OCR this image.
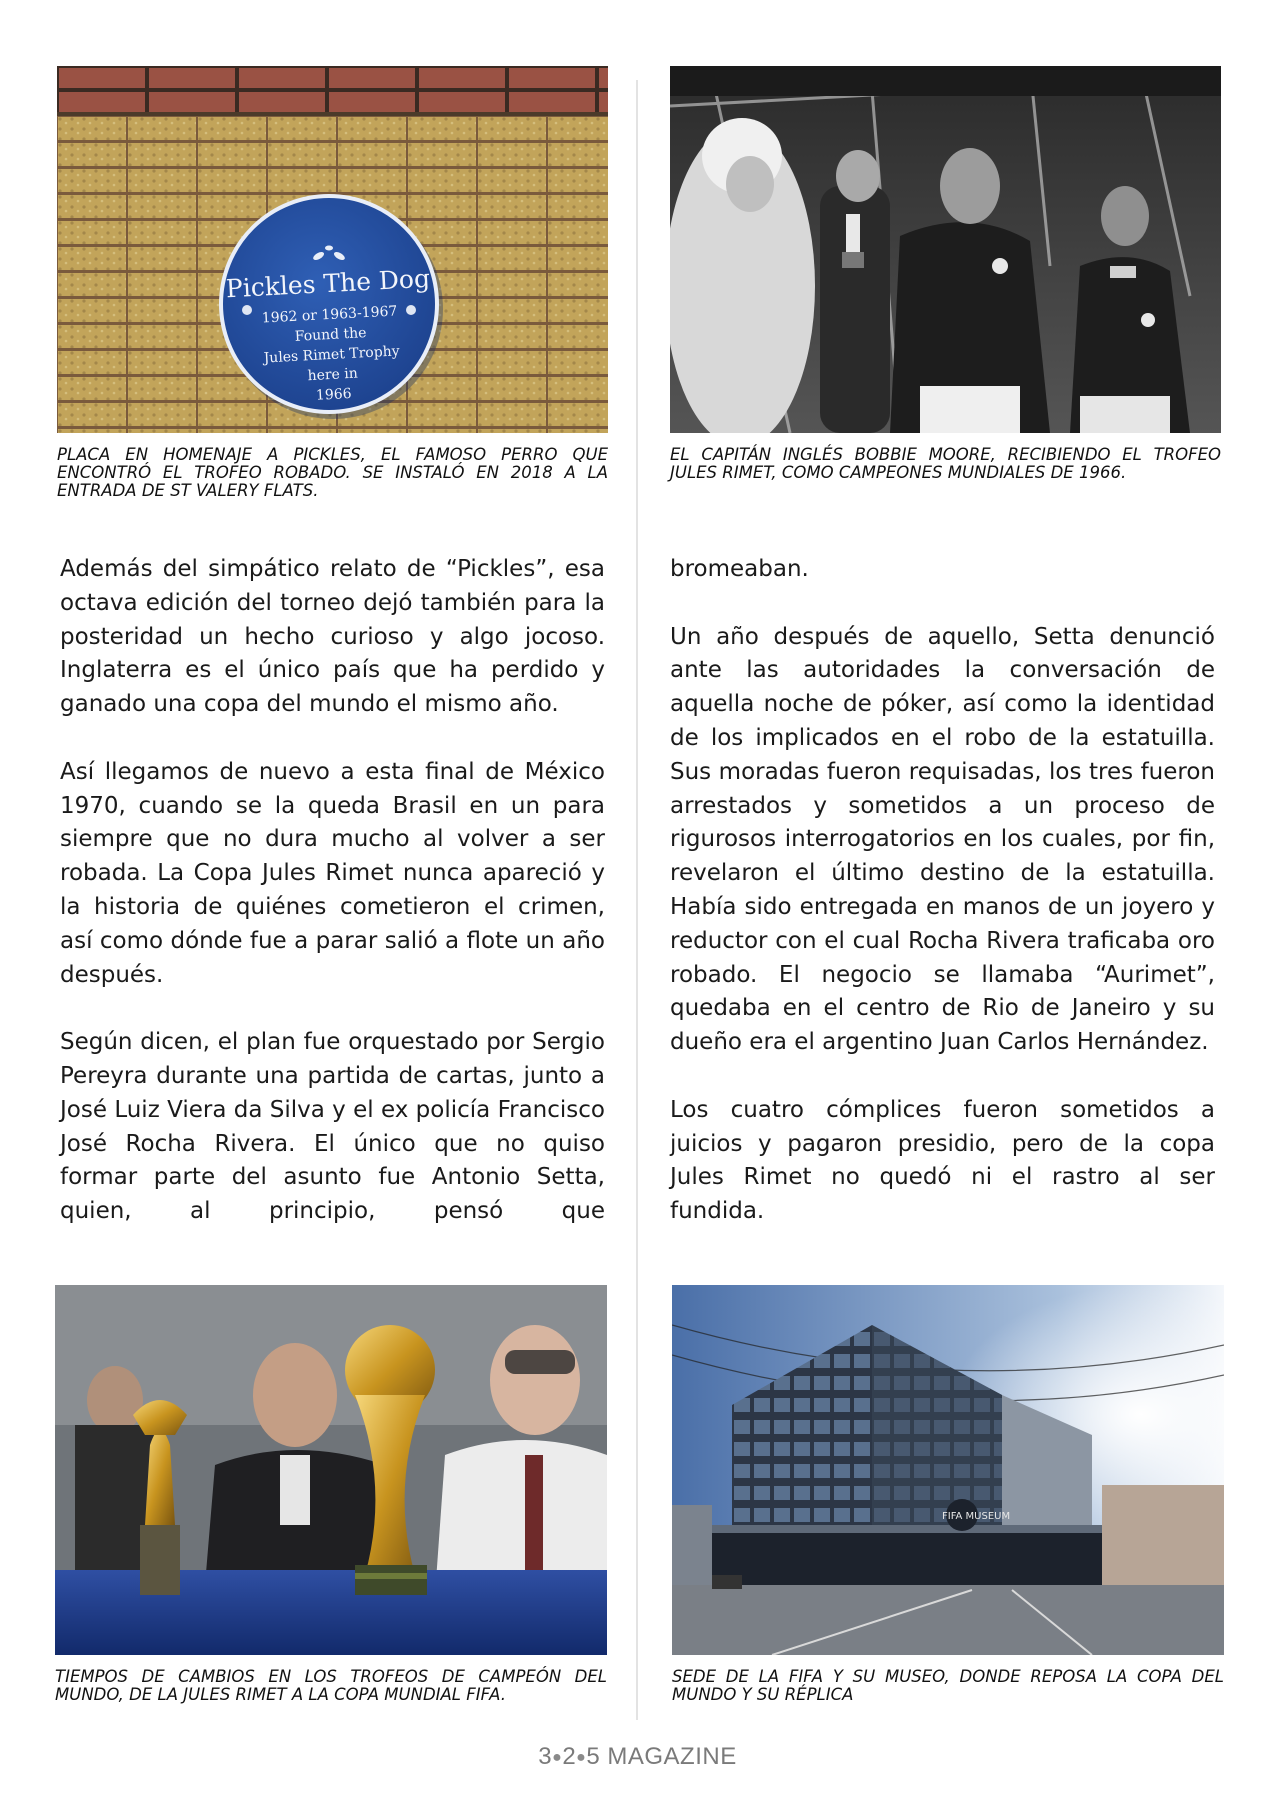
Pickles The Dog
1962 or 1963-1967
Found the
Jules Rimet Trophy
here in
1966

PLACA EN HOMENAJE A PICKLES, EL FAMOSO PERRO QUE ENCONTRÓ EL TROFEO ROBADO. SE INSTALÓ EN 2018 A LA ENTRADA DE ST VALERY FLATS.

EL CAPITÁN INGLÉS BOBBIE MOORE, RECIBIENDO EL TROFEO JULES RIMET, COMO CAMPEONES MUNDIALES DE 1966.

Además del simpático relato de “Pickles”, esa octava edición del torneo dejó también para la posteridad un hecho curioso y algo jocoso. Inglaterra es el único país que ha perdido y ganado una copa del mundo el mismo año.

Así llegamos de nuevo a esta final de México 1970, cuando se la queda Brasil en un para siempre que no dura mucho al volver a ser robada. La Copa Jules Rimet nunca apareció y la historia de quiénes cometieron el crimen, así como dónde fue a parar salió a flote un año después.

Según dicen, el plan fue orquestado por Sergio Pereyra durante una partida de cartas, junto a José Luiz Viera da Silva y el ex policía Francisco José Rocha Rivera. El único que no quiso formar parte del asunto fue Antonio Setta, quien, al principio, pensó que

bromeaban.

Un año después de aquello, Setta denunció ante las autoridades la conversación de aquella noche de póker, así como la identidad de los implicados en el robo de la estatuilla. Sus moradas fueron requisadas, los tres fueron arrestados y sometidos a un proceso de rigurosos interrogatorios en los cuales, por fin, revelaron el último destino de la estatuilla. Había sido entregada en manos de un joyero y reductor con el cual Rocha Rivera traficaba oro robado. El negocio se llamaba “Aurimet”, quedaba en el centro de Rio de Janeiro y su dueño era el argentino Juan Carlos Hernández.

Los cuatro cómplices fueron sometidos a juicios y pagaron presidio, pero de la copa Jules Rimet no quedó ni el rastro al ser fundida.

FIFA MUSEUM

TIEMPOS DE CAMBIOS EN LOS TROFEOS DE CAMPEÓN DEL MUNDO, DE LA JULES RIMET A LA COPA MUNDIAL FIFA.

SEDE DE LA FIFA Y SU MUSEO, DONDE REPOSA LA COPA DEL MUNDO Y SU RÉPLICA

3●2●5 MAGAZINE
